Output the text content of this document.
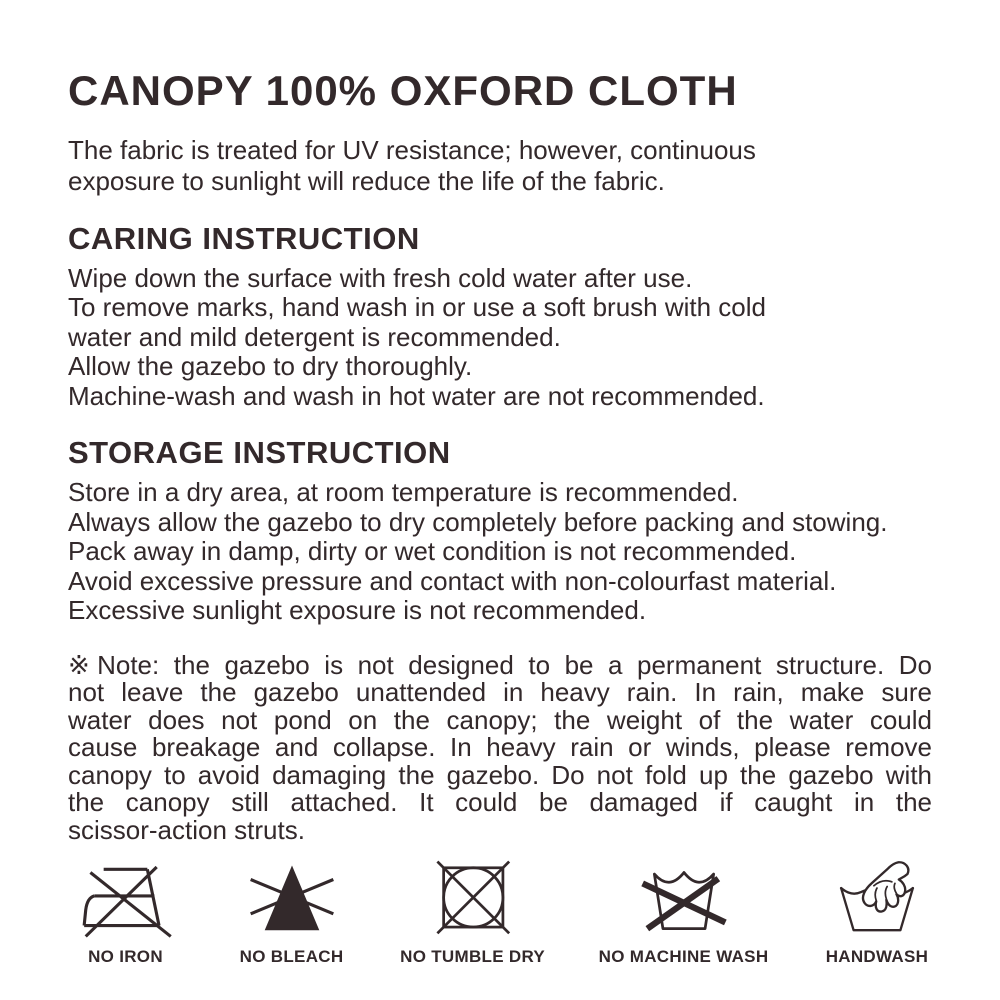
CANOPY 100% OXFORD CLOTH
The fabric is treated for UV resistance; however, continuous
exposure to sunlight will reduce the life of the fabric.
CARING INSTRUCTION
Wipe down the surface with fresh cold water after use.
To remove marks, hand wash in or use a soft brush with cold
water and mild detergent is recommended.
Allow the gazebo to dry thoroughly.
Machine-wash and wash in hot water are not recommended.
STORAGE INSTRUCTION
Store in a dry area, at room temperature is recommended.
Always allow the gazebo to dry completely before packing and stowing.
Pack away in damp, dirty or wet condition is not recommended.
Avoid excessive pressure and contact with non-colourfast material.
Excessive sunlight exposure is not recommended.
※Note: the gazebo is not designed to be a permanent structure. Do
not leave the gazebo unattended in heavy rain. In rain, make sure
water does not pond on the canopy; the weight of the water could
cause breakage and collapse. In heavy rain or winds, please remove
canopy to avoid damaging the gazebo. Do not fold up the gazebo with
the canopy still attached. It could be damaged if caught in the
scissor-action struts.
NO IRON	NO BLEACH	NO TUMBLE DRY	NO MACHINE WASH	HANDWASH
